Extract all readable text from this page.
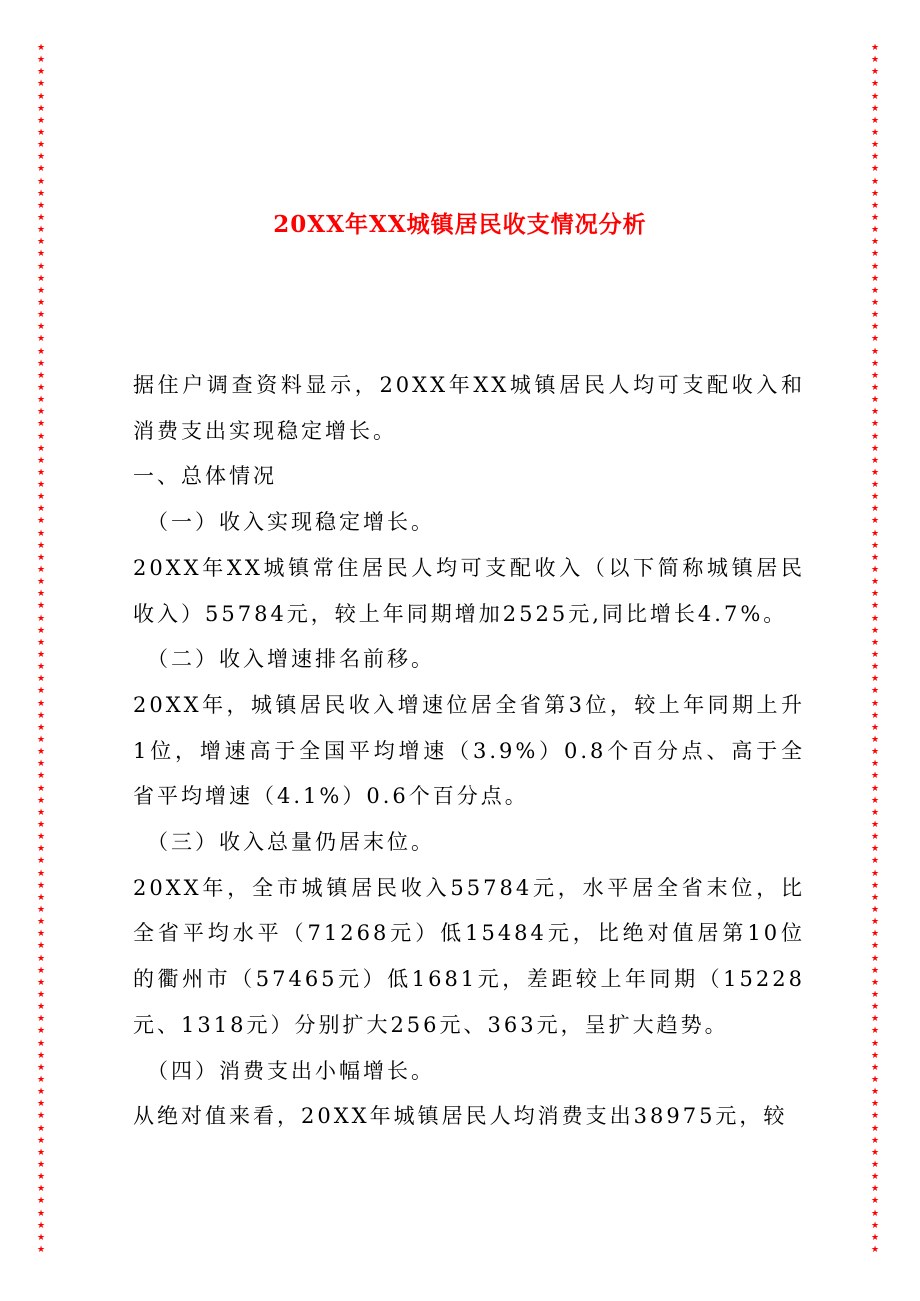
★
★
★
★
★
★
★
★
★
★
★
★
★
★
★
★
★
★
★
★
★
★
★
★
★
★
★
★
★
★
★
★
★
★
★
★
★
★
★
★
★
★
★
★
★
★
★
★
★
★
★
★
★
★
★
★
★
★
★
★
★
★
★
★
★
★
★
★
★
★
★
★
★
★
★
★
★
★
★
★
★
★
★
★
★
★
★
★
★
★
★
★
★
★
★
★
★
★
★
★
★
★
★
★
★
★
★
★
★
★
★
★
★
★
★
★
★
★
★
★
★
★
★
★
★
★
★
★
★
★
★
★
★
★
★
★
★
★
★
★
★
★
★
★
★
★
★
★
★
★
★
★
★
★
★
★
★
★
★
★
★
★
★
★
★
★
★
★
★
★
★
★
★
★
★
★
★
★
★
★
★
★
★
★
★
★
★
★
★
★
★
★
★
★
★
★
★
★
★
★
20XX年XX城镇居民收支情况分析

据住户调查资料显示，20XX年XX城镇居民人均可支配收入和消费支出实现稳定增长。

一、总体情况

（一）收入实现稳定增长。

20XX年XX城镇常住居民人均可支配收入（以下简称城镇居民收入）55784元，较上年同期增加2525元,同比增长4.7%。

（二）收入增速排名前移。

20XX年，城镇居民收入增速位居全省第3位，较上年同期上升1位，增速高于全国平均增速（3.9%）0.8个百分点、高于全省平均增速（4.1%）0.6个百分点。

（三）收入总量仍居末位。

20XX年，全市城镇居民收入55784元，水平居全省末位，比全省平均水平（71268元）低15484元，比绝对值居第10位的衢州市（57465元）低1681元，差距较上年同期（15228元、1318元）分别扩大256元、363元，呈扩大趋势。

（四）消费支出小幅增长。

从绝对值来看，20XX年城镇居民人均消费支出38975元，较
